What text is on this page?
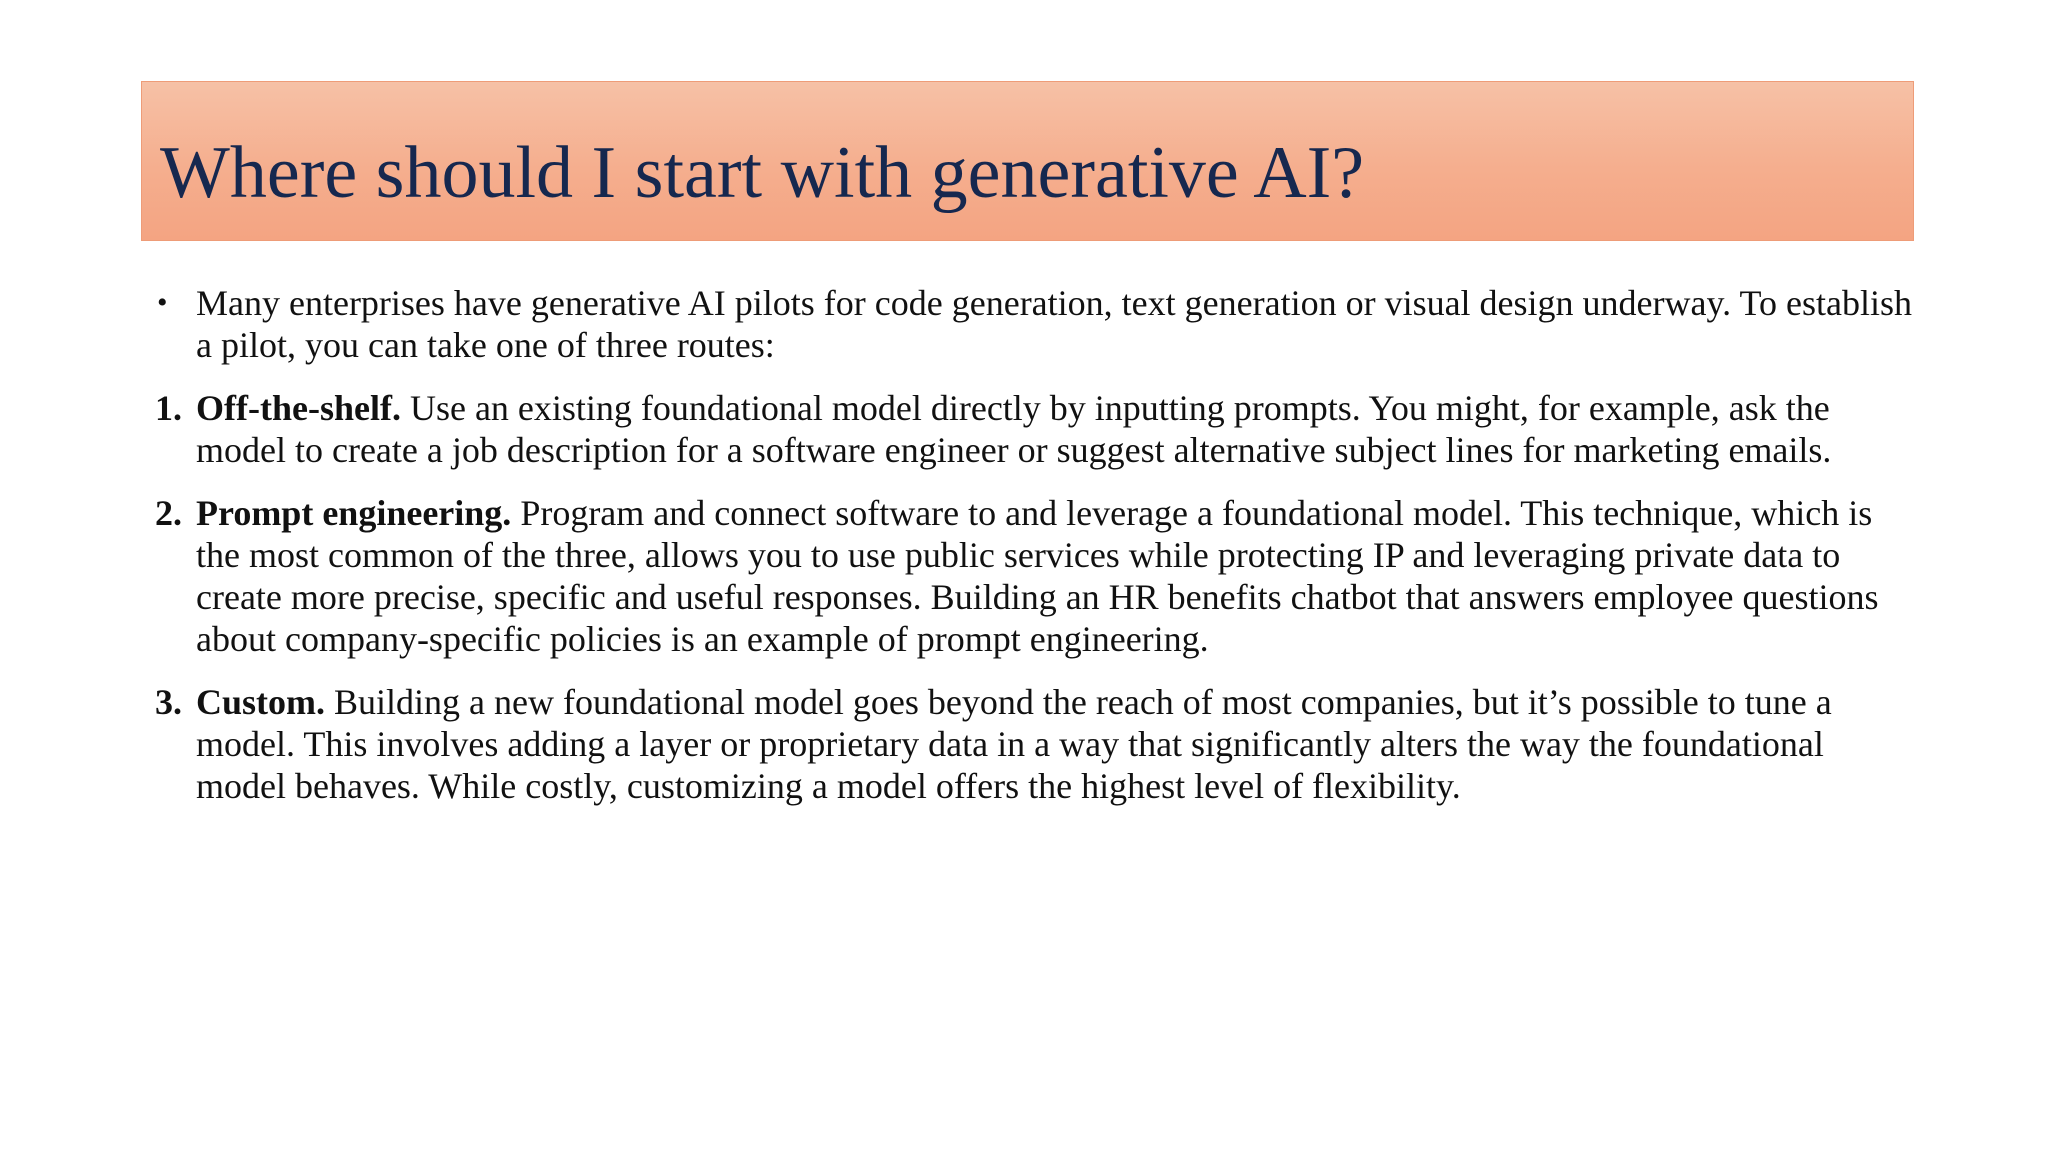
Where should I start with generative AI?
• Many enterprises have generative AI pilots for code generation, text generation or visual design underway. To establish a pilot, you can take one of three routes:
1. Off-the-shelf. Use an existing foundational model directly by inputting prompts. You might, for example, ask the model to create a job description for a software engineer or suggest alternative subject lines for marketing emails.
2. Prompt engineering. Program and connect software to and leverage a foundational model. This technique, which is the most common of the three, allows you to use public services while protecting IP and leveraging private data to create more precise, specific and useful responses. Building an HR benefits chatbot that answers employee questions about company-specific policies is an example of prompt engineering.
3. Custom. Building a new foundational model goes beyond the reach of most companies, but it’s possible to tune a model. This involves adding a layer or proprietary data in a way that significantly alters the way the foundational model behaves. While costly, customizing a model offers the highest level of flexibility.
